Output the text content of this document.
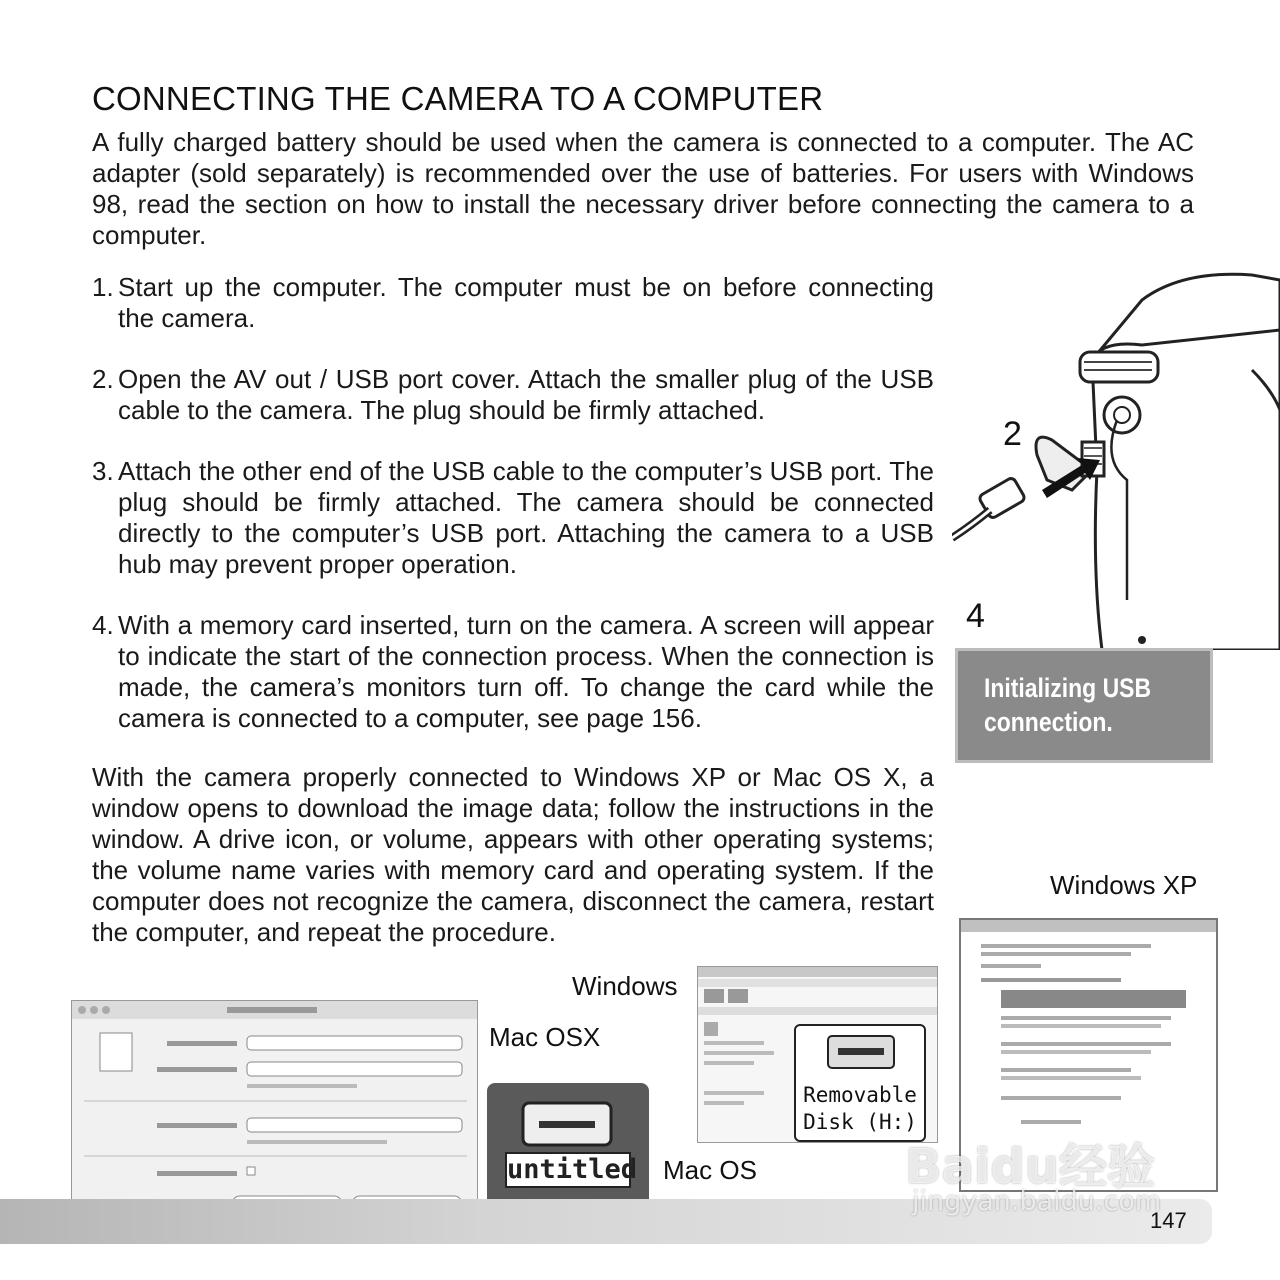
CONNECTING THE CAMERA TO A COMPUTER
A fully charged battery should be used when the camera is connected to a computer. The AC adapter (sold separately) is recommended over the use of batteries. For users with Windows 98, read the section on how to install the necessary driver before connecting the camera to a computer.
1. Start up the computer. The computer must be on before connecting the camera.
2. Open the AV out / USB port cover. Attach the smaller plug of the USB cable to the camera. The plug should be firmly attached.
3. Attach the other end of the USB cable to the computer’s USB port. The plug should be firmly attached. The camera should be connected directly to the computer’s USB port. Attaching the camera to a USB hub may prevent proper operation.
4. With a memory card inserted, turn on the camera. A screen will appear to indicate the start of the connection process. When the connection is made, the camera’s monitors turn off. To change the card while the camera is connected to a computer, see page 156.
With the camera properly connected to Windows XP or Mac OS X, a window opens to download the image data; follow the instructions in the window. A drive icon, or volume, appears with other operating systems; the volume name varies with memory card and operating system. If the computer does not recognize the camera, disconnect the camera, restart the computer, and repeat the procedure.
2
4
Initializing USB
connection.
Windows XP
Windows
Mac OSX
Mac OS
untitled
Removable
Disk (H:)
147
Baidu经验
jingyan.baidu.com
